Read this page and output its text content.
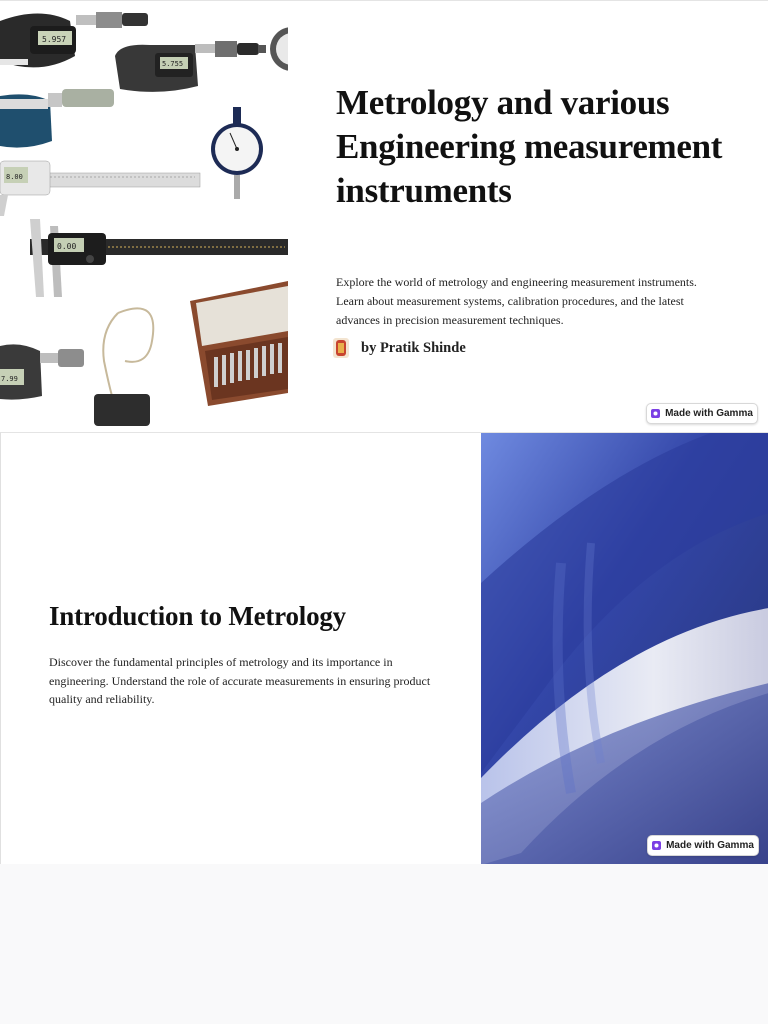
5.957
5.755
8.00
0.00
7.99
Metrology and various Engineering measurement instruments

Explore the world of metrology and engineering measurement instruments. Learn about measurement systems, calibration procedures, and the latest advances in precision measurement techniques.

by Pratik Shinde
Made with Gamma
Introduction to Metrology

Discover the fundamental principles of metrology and its importance in engineering. Understand the role of accurate measurements in ensuring product quality and reliability.

Made with Gamma
